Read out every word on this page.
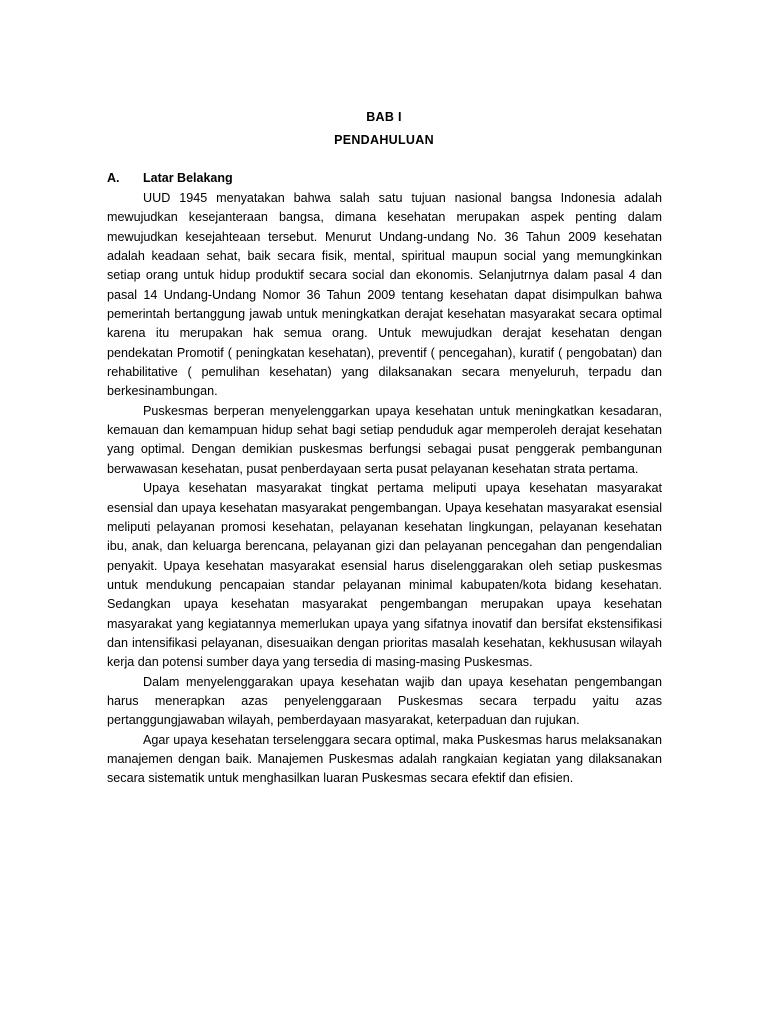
BAB I
PENDAHULUAN
A. Latar Belakang

UUD 1945 menyatakan bahwa salah satu tujuan nasional bangsa Indonesia adalah mewujudkan kesejanteraan bangsa, dimana kesehatan merupakan aspek penting dalam mewujudkan kesejahteaan tersebut. Menurut Undang-undang No. 36 Tahun 2009 kesehatan adalah keadaan sehat, baik secara fisik, mental, spiritual maupun social yang memungkinkan setiap orang untuk hidup produktif secara social dan ekonomis. Selanjutrnya dalam pasal 4 dan pasal 14 Undang-Undang Nomor 36 Tahun 2009 tentang kesehatan dapat disimpulkan bahwa pemerintah bertanggung jawab untuk meningkatkan derajat kesehatan masyarakat secara optimal karena itu merupakan hak semua orang. Untuk mewujudkan derajat kesehatan dengan pendekatan Promotif ( peningkatan kesehatan), preventif ( pencegahan), kuratif ( pengobatan) dan rehabilitative ( pemulihan kesehatan) yang dilaksanakan secara menyeluruh, terpadu dan berkesinambungan.

Puskesmas berperan menyelenggarkan upaya kesehatan untuk meningkatkan kesadaran, kemauan dan kemampuan hidup sehat bagi setiap penduduk agar memperoleh derajat kesehatan yang optimal. Dengan demikian puskesmas berfungsi sebagai pusat penggerak pembangunan berwawasan kesehatan, pusat penberdayaan serta pusat pelayanan kesehatan strata pertama.

Upaya kesehatan masyarakat tingkat pertama meliputi upaya kesehatan masyarakat esensial dan upaya kesehatan masyarakat pengembangan. Upaya kesehatan masyarakat esensial meliputi pelayanan promosi kesehatan, pelayanan kesehatan lingkungan, pelayanan kesehatan ibu, anak, dan keluarga berencana, pelayanan gizi dan pelayanan pencegahan dan pengendalian penyakit. Upaya kesehatan masyarakat esensial harus diselenggarakan oleh setiap puskesmas untuk mendukung pencapaian standar pelayanan minimal kabupaten/kota bidang kesehatan. Sedangkan upaya kesehatan masyarakat pengembangan merupakan upaya kesehatan masyarakat yang kegiatannya memerlukan upaya yang sifatnya inovatif dan bersifat ekstensifikasi dan intensifikasi pelayanan, disesuaikan dengan prioritas masalah kesehatan, kekhususan wilayah kerja dan potensi sumber daya yang tersedia di masing-masing Puskesmas.

Dalam menyelenggarakan upaya kesehatan wajib dan upaya kesehatan pengembangan harus menerapkan azas penyelenggaraan Puskesmas secara terpadu yaitu azas pertanggungjawaban wilayah, pemberdayaan masyarakat, keterpaduan dan rujukan.

Agar upaya kesehatan terselenggara secara optimal, maka Puskesmas harus melaksanakan manajemen dengan baik. Manajemen Puskesmas adalah rangkaian kegiatan yang dilaksanakan secara sistematik untuk menghasilkan luaran Puskesmas secara efektif dan efisien.
